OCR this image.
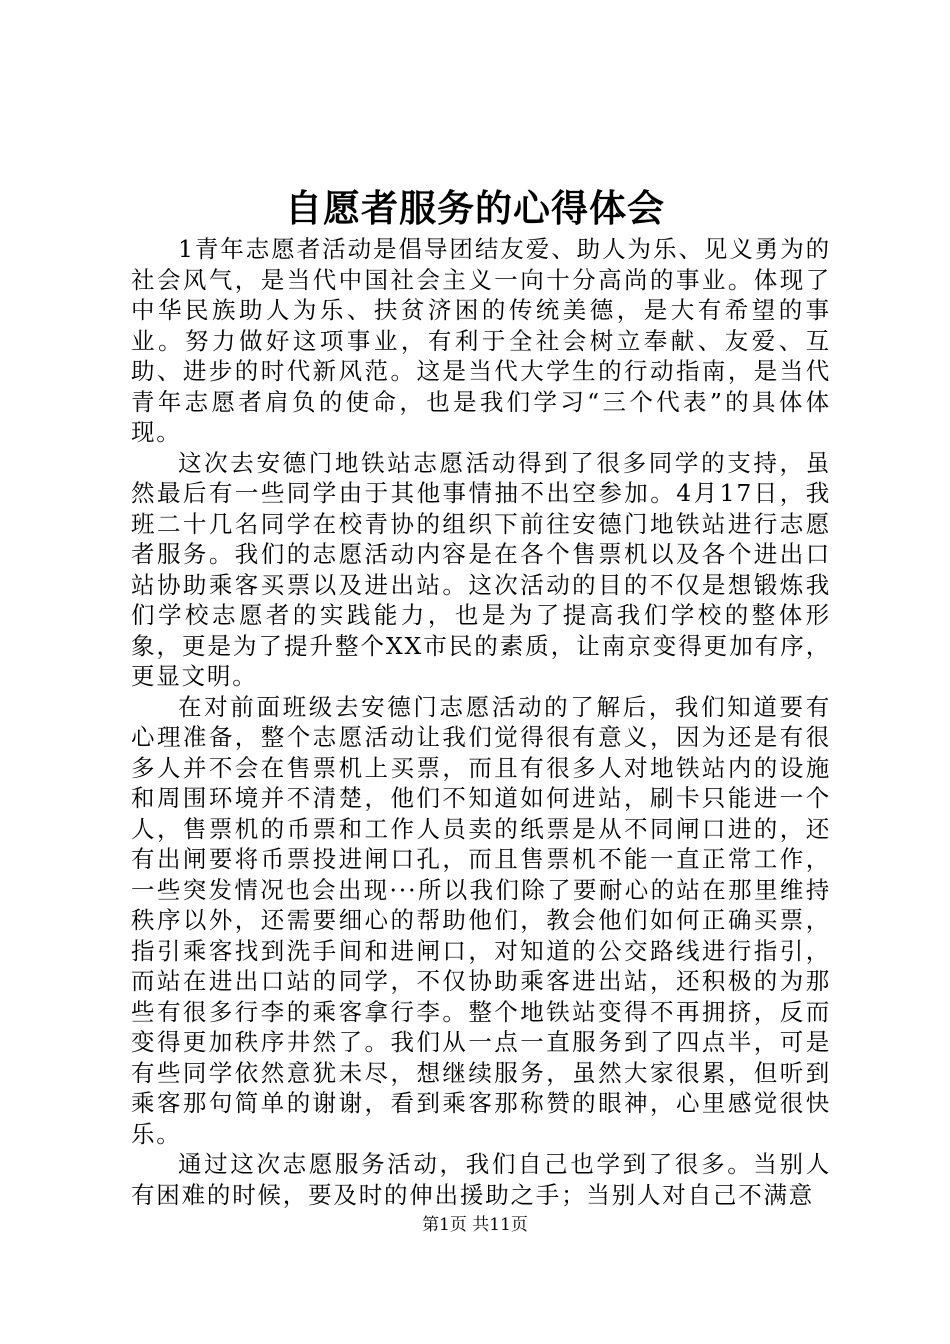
自愿者服务的心得体会

1青年志愿者活动是倡导团结友爱、助人为乐、见义勇为的社会风气，是当代中国社会主义一向十分高尚的事业。体现了中华民族助人为乐、扶贫济困的传统美德，是大有希望的事业。努力做好这项事业，有利于全社会树立奉献、友爱、互助、进步的时代新风范。这是当代大学生的行动指南，是当代青年志愿者肩负的使命，也是我们学习“三个代表”的具体体现。

这次去安德门地铁站志愿活动得到了很多同学的支持，虽然最后有一些同学由于其他事情抽不出空参加。4月17日，我班二十几名同学在校青协的组织下前往安德门地铁站进行志愿者服务。我们的志愿活动内容是在各个售票机以及各个进出口站协助乘客买票以及进出站。这次活动的目的不仅是想锻炼我们学校志愿者的实践能力，也是为了提高我们学校的整体形象，更是为了提升整个XX市民的素质，让南京变得更加有序，更显文明。

在对前面班级去安德门志愿活动的了解后，我们知道要有心理准备，整个志愿活动让我们觉得很有意义，因为还是有很多人并不会在售票机上买票，而且有很多人对地铁站内的设施和周围环境并不清楚，他们不知道如何进站，刷卡只能进一个人，售票机的币票和工作人员卖的纸票是从不同闸口进的，还有出闸要将币票投进闸口孔，而且售票机不能一直正常工作，一些突发情况也会出现···所以我们除了要耐心的站在那里维持秩序以外，还需要细心的帮助他们，教会他们如何正确买票，指引乘客找到洗手间和进闸口，对知道的公交路线进行指引，而站在进出口站的同学，不仅协助乘客进出站，还积极的为那些有很多行李的乘客拿行李。整个地铁站变得不再拥挤，反而变得更加秩序井然了。我们从一点一直服务到了四点半，可是有些同学依然意犹未尽，想继续服务，虽然大家很累，但听到乘客那句简单的谢谢，看到乘客那称赞的眼神，心里感觉很快乐。

通过这次志愿服务活动，我们自己也学到了很多。当别人有困难的时候，要及时的伸出援助之手；当别人对自己不满意

第1页 共11页
